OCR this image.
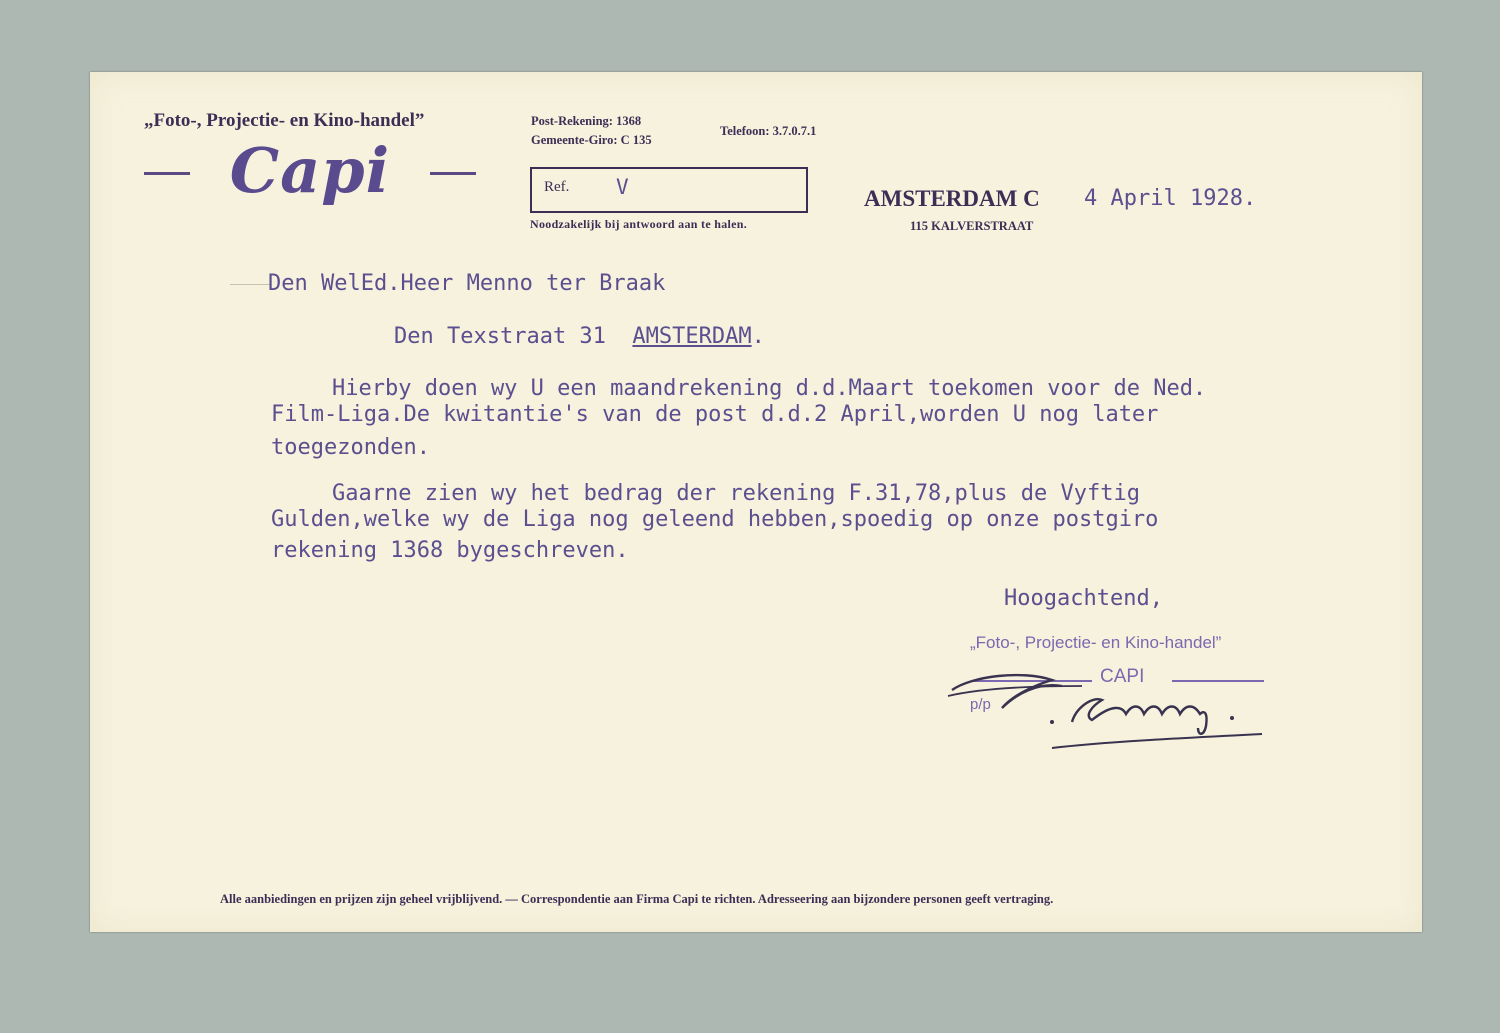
„Foto-, Projectie- en Kino-handel”
Capi
Post-Rekening: 1368
Gemeente-Giro: C 135
Telefoon: 3.7.0.7.1
Ref. V
Noodzakelijk bij antwoord aan te halen.
AMSTERDAM C
115 KALVERSTRAAT
4 April 1928.
Den WelEd.Heer Menno ter Braak
Den Texstraat 31 AMSTERDAM.
Hierby doen wy U een maandrekening d.d.Maart toekomen voor de Ned.
Film-Liga.De kwitantie's van de post d.d.2 April,worden U nog later
toegezonden.
Gaarne zien wy het bedrag der rekening F.31,78,plus de Vyftig
Gulden,welke wy de Liga nog geleend hebben,spoedig op onze postgiro
rekening 1368 bygeschreven.
Hoogachtend,
„Foto-, Projectie- en Kino-handel”
CAPI
p/p
Alle aanbiedingen en prijzen zijn geheel vrijblijvend. — Correspondentie aan Firma Capi te richten. Adresseering aan bijzondere personen geeft vertraging.
